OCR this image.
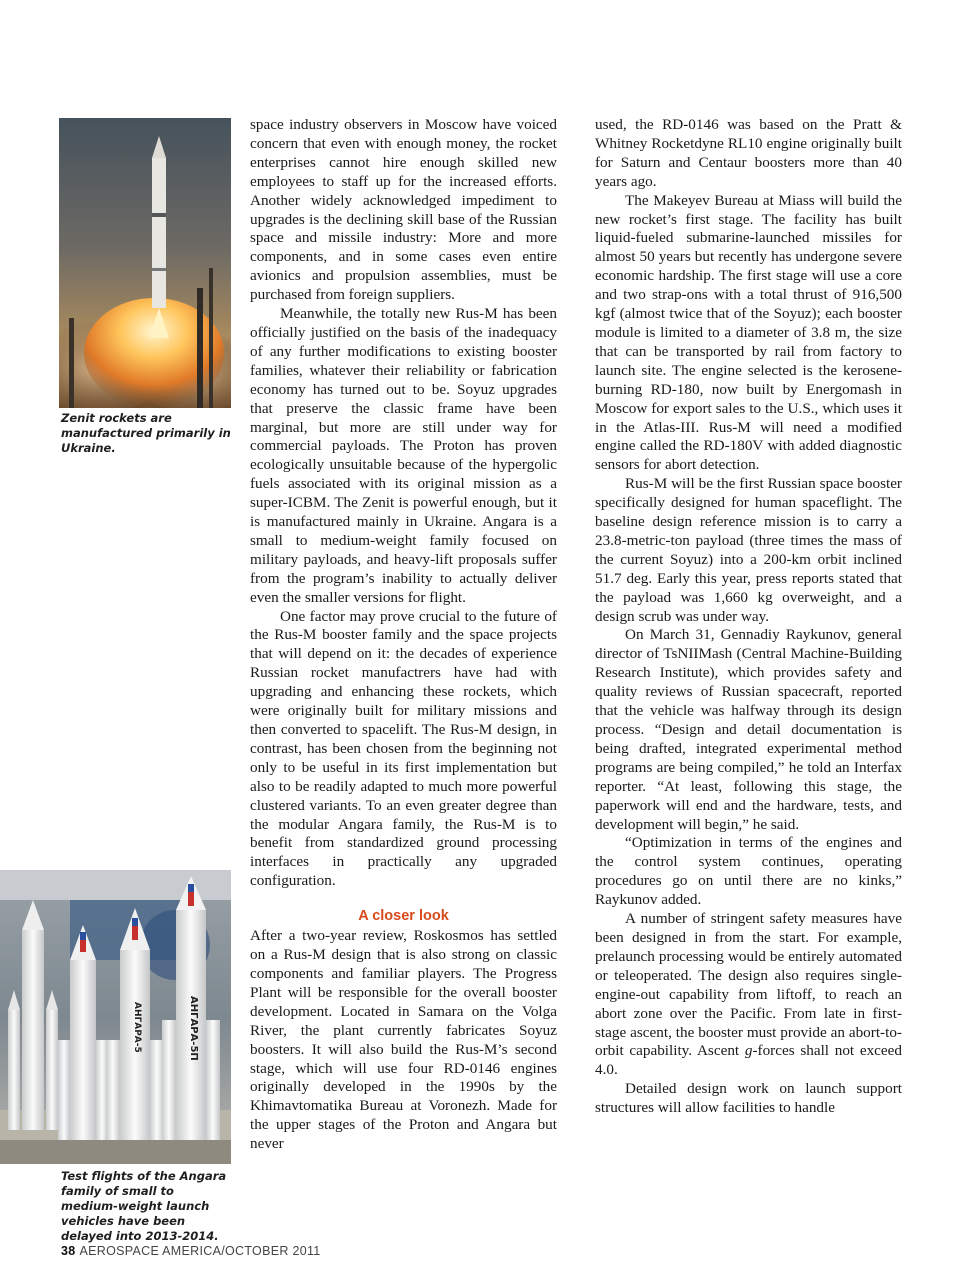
Zenit rockets are manufactured primarily in Ukraine.
АНГАРА-5	АНГАРА-5П
Test flights of the Angara family of small to medium-weight launch vehicles have been delayed into 2013-2014.

space industry observers in Moscow have voiced concern that even with enough money, the rocket enterprises cannot hire enough skilled new employees to staff up for the increased efforts. Another widely acknowledged impediment to upgrades is the declining skill base of the Russian space and missile industry: More and more components, and in some cases even entire avionics and propulsion assemblies, must be purchased from foreign suppliers.

Meanwhile, the totally new Rus-M has been officially justified on the basis of the inadequacy of any further modifications to existing booster families, whatever their reliability or fabrication economy has turned out to be. Soyuz upgrades that preserve the classic frame have been marginal, but more are still under way for commercial payloads. The Proton has proven ecologically unsuitable because of the hypergolic fuels associated with its original mission as a super-ICBM. The Zenit is powerful enough, but it is manufactured mainly in Ukraine. Angara is a small to medium-weight family focused on military payloads, and heavy-lift proposals suffer from the program’s inability to actually deliver even the smaller versions for flight.

One factor may prove crucial to the future of the Rus-M booster family and the space projects that will depend on it: the decades of experience Russian rocket manufactrers have had with upgrading and enhancing these rockets, which were originally built for military missions and then converted to spacelift. The Rus-M design, in contrast, has been chosen from the beginning not only to be useful in its first implementation but also to be readily adapted to much more powerful clustered variants. To an even greater degree than the modular Angara family, the Rus-M is to benefit from standardized ground processing interfaces in practically any upgraded configuration.

A closer look

After a two-year review, Roskosmos has settled on a Rus-M design that is also strong on classic components and familiar players. The Progress Plant will be responsible for the overall booster development. Located in Samara on the Volga River, the plant currently fabricates Soyuz boosters. It will also build the Rus-M’s second stage, which will use four RD-0146 engines originally developed in the 1990s by the Khimavtomatika Bureau at Voronezh. Made for the upper stages of the Proton and Angara but never

used, the RD-0146 was based on the Pratt & Whitney Rocketdyne RL10 engine originally built for Saturn and Centaur boosters more than 40 years ago.

The Makeyev Bureau at Miass will build the new rocket’s first stage. The facility has built liquid-fueled submarine-launched missiles for almost 50 years but recently has undergone severe economic hardship. The first stage will use a core and two strap-ons with a total thrust of 916,500 kgf (almost twice that of the Soyuz); each booster module is limited to a diameter of 3.8 m, the size that can be transported by rail from factory to launch site. The engine selected is the kerosene-burning RD-180, now built by Energomash in Moscow for export sales to the U.S., which uses it in the Atlas-III. Rus-M will need a modified engine called the RD-180V with added diagnostic sensors for abort detection.

Rus-M will be the first Russian space booster specifically designed for human spaceflight. The baseline design reference mission is to carry a 23.8-metric-ton payload (three times the mass of the current Soyuz) into a 200-km orbit inclined 51.7 deg. Early this year, press reports stated that the payload was 1,660 kg overweight, and a design scrub was under way.

On March 31, Gennadiy Raykunov, general director of TsNIIMash (Central Machine-Building Research Institute), which provides safety and quality reviews of Russian spacecraft, reported that the vehicle was halfway through its design process. “Design and detail documentation is being drafted, integrated experimental method programs are being compiled,” he told an Interfax reporter. “At least, following this stage, the paperwork will end and the hardware, tests, and development will begin,” he said.

“Optimization in terms of the engines and the control system continues, operating procedures go on until there are no kinks,” Raykunov added.

A number of stringent safety measures have been designed in from the start. For example, prelaunch processing would be entirely automated or teleoperated. The design also requires single-engine-out capability from liftoff, to reach an abort zone over the Pacific. From late in first-stage ascent, the booster must provide an abort-to-orbit capability. Ascent g-forces shall not exceed 4.0.

Detailed design work on launch support structures will allow facilities to handle

38 AEROSPACE AMERICA/OCTOBER 2011
